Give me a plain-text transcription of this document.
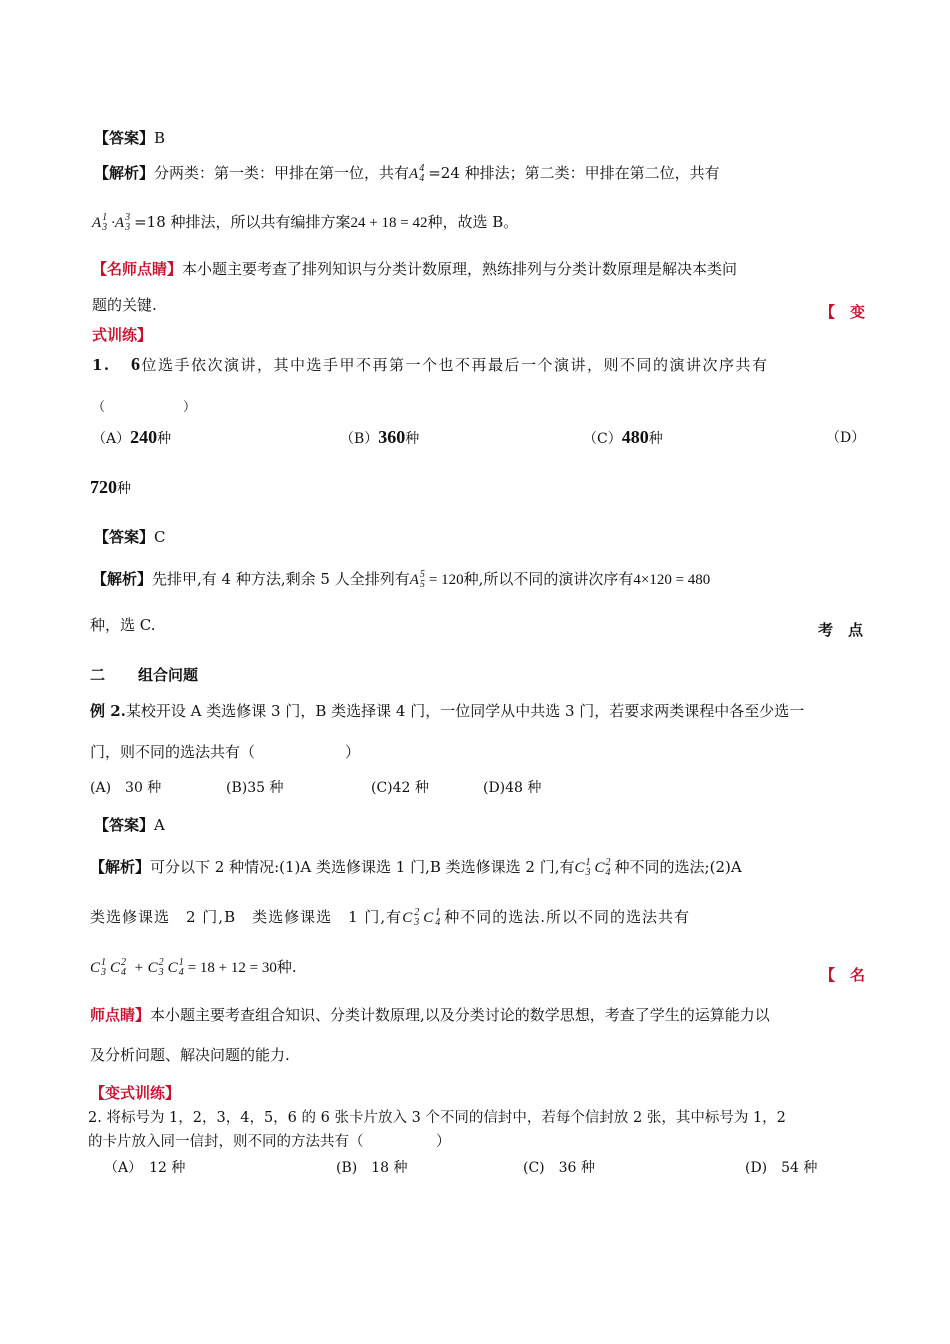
【答案】B
【解析】分两类：第一类：甲排在第一位，共有A 4
4 =24 种排法；第二类：甲排在第二位，共有
A 1
3 ·A 3
3 =18 种排法，所以共有编排方案24 + 18 = 42种，故选 B。
【名师点睛】本小题主要考查了排列知识与分类计数原理，熟练排列与分类计数原理是解决本类问
题的关键.	【　变
式训练】
1. 6位选手依次演讲，其中选手甲不再第一个也不再最后一个演讲，则不同的演讲次序共有
（　　　　　　）
（A）240种	（B）360种	（C）480种	（D）
720种
【答案】C
【解析】先排甲,有 4 种方法,剩余 5 人全排列有A 5
5 = 120种,所以不同的演讲次序有4×120 = 480
种，选 C.	考　点
二 组合问题
例 2.某校开设 A 类选修课 3 门，B 类选择课 4 门，一位同学从中共选 3 门，若要求两类课程中各至少选一
门，则不同的选法共有（　　　　　　）
(A)　30 种	(B)35 种	(C)42 种	(D)48 种
【答案】A
【解析】可分以下 2 种情况:(1)A 类选修课选 1 门,B 类选修课选 2 门,有C 1
3 C 2
4 种不同的选法;(2)A
类选修课选　2 门,B　类选修课选　1 门,有C 2
3 C 1
4 种不同的选法.所以不同的选法共有
C 1
3 C 2
4 + C 2
3 C 1
4 = 18 + 12 = 30种.	【　名
师点睛】本小题主要考查组合知识、分类计数原理,以及分类讨论的数学思想，考查了学生的运算能力以
及分析问题、解决问题的能力.
【变式训练】
2. 将标号为 1，2，3，4，5，6 的 6 张卡片放入 3 个不同的信封中，若每个信封放 2 张，其中标号为 1，2
的卡片放入同一信封，则不同的方法共有（　　　　　）
（A）　12 种	(B)　18 种	(C)　36 种	(D)　54 种
